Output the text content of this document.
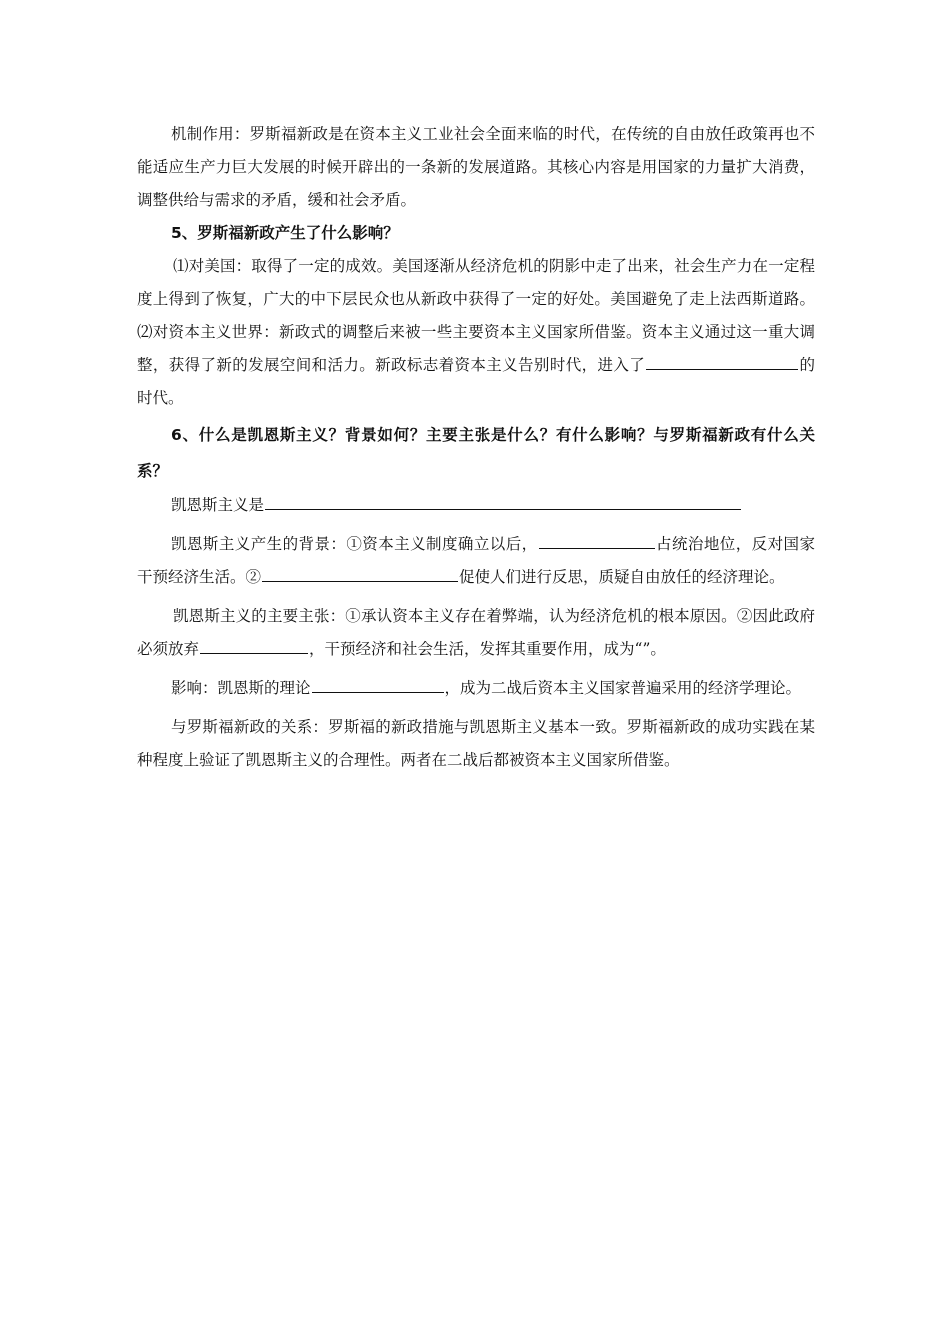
机制作用：罗斯福新政是在资本主义工业社会全面来临的时代，在传统的自由放任政策再也不能适应生产力巨大发展的时候开辟出的一条新的发展道路。其核心内容是用国家的力量扩大消费，调整供给与需求的矛盾，缓和社会矛盾。

5、罗斯福新政产生了什么影响？

⑴对美国：取得了一定的成效。美国逐渐从经济危机的阴影中走了出来，社会生产力在一定程度上得到了恢复，广大的中下层民众也从新政中获得了一定的好处。美国避免了走上法西斯道路。⑵对资本主义世界：新政式的调整后来被一些主要资本主义国家所借鉴。资本主义通过这一重大调整，获得了新的发展空间和活力。新政标志着资本主义告别时代，进入了	的时代。

6、什么是凯恩斯主义？背景如何？主要主张是什么？有什么影响？与罗斯福新政有什么关系？

凯恩斯主义是

凯恩斯主义产生的背景：①资本主义制度确立以后，	占统治地位，反对国家干预经济生活。②	促使人们进行反思，质疑自由放任的经济理论。

凯恩斯主义的主要主张：①承认资本主义存在着弊端，认为经济危机的根本原因。②因此政府必须放弃	，干预经济和社会生活，发挥其重要作用，成为“”。

影响：凯恩斯的理论	，成为二战后资本主义国家普遍采用的经济学理论。

与罗斯福新政的关系：罗斯福的新政措施与凯恩斯主义基本一致。罗斯福新政的成功实践在某种程度上验证了凯恩斯主义的合理性。两者在二战后都被资本主义国家所借鉴。
